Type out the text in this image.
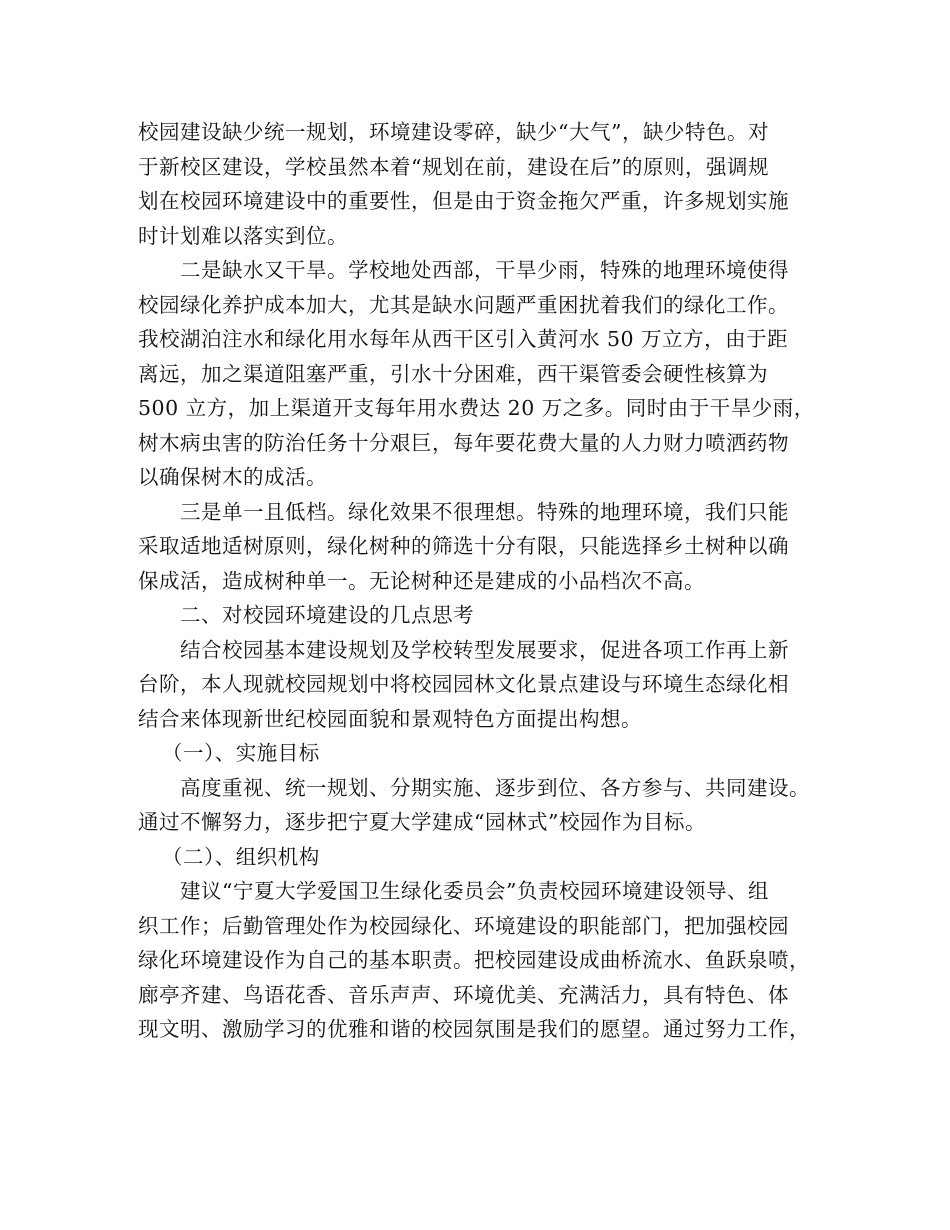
校园建设缺少统一规划，环境建设零碎，缺少“大气”，缺少特色。对
于新校区建设，学校虽然本着“规划在前，建设在后”的原则，强调规
划在校园环境建设中的重要性，但是由于资金拖欠严重，许多规划实施
时计划难以落实到位。
二是缺水又干旱。学校地处西部，干旱少雨，特殊的地理环境使得
校园绿化养护成本加大，尤其是缺水问题严重困扰着我们的绿化工作。
我校湖泊注水和绿化用水每年从西干区引入黄河水 50 万立方，由于距
离远，加之渠道阻塞严重，引水十分困难，西干渠管委会硬性核算为
500 立方，加上渠道开支每年用水费达 20 万之多。同时由于干旱少雨，
树木病虫害的防治任务十分艰巨，每年要花费大量的人力财力喷洒药物
以确保树木的成活。
三是单一且低档。绿化效果不很理想。特殊的地理环境，我们只能
采取适地适树原则，绿化树种的筛选十分有限，只能选择乡土树种以确
保成活，造成树种单一。无论树种还是建成的小品档次不高。
二、对校园环境建设的几点思考
结合校园基本建设规划及学校转型发展要求，促进各项工作再上新
台阶，本人现就校园规划中将校园园林文化景点建设与环境生态绿化相
结合来体现新世纪校园面貌和景观特色方面提出构想。
（一）、实施目标
高度重视、统一规划、分期实施、逐步到位、各方参与、共同建设。
通过不懈努力，逐步把宁夏大学建成“园林式”校园作为目标。
（二）、组织机构
建议“宁夏大学爱国卫生绿化委员会”负责校园环境建设领导、组
织工作；后勤管理处作为校园绿化、环境建设的职能部门，把加强校园
绿化环境建设作为自己的基本职责。把校园建设成曲桥流水、鱼跃泉喷，
廊亭齐建、鸟语花香、音乐声声、环境优美、充满活力，具有特色、体
现文明、激励学习的优雅和谐的校园氛围是我们的愿望。通过努力工作，
